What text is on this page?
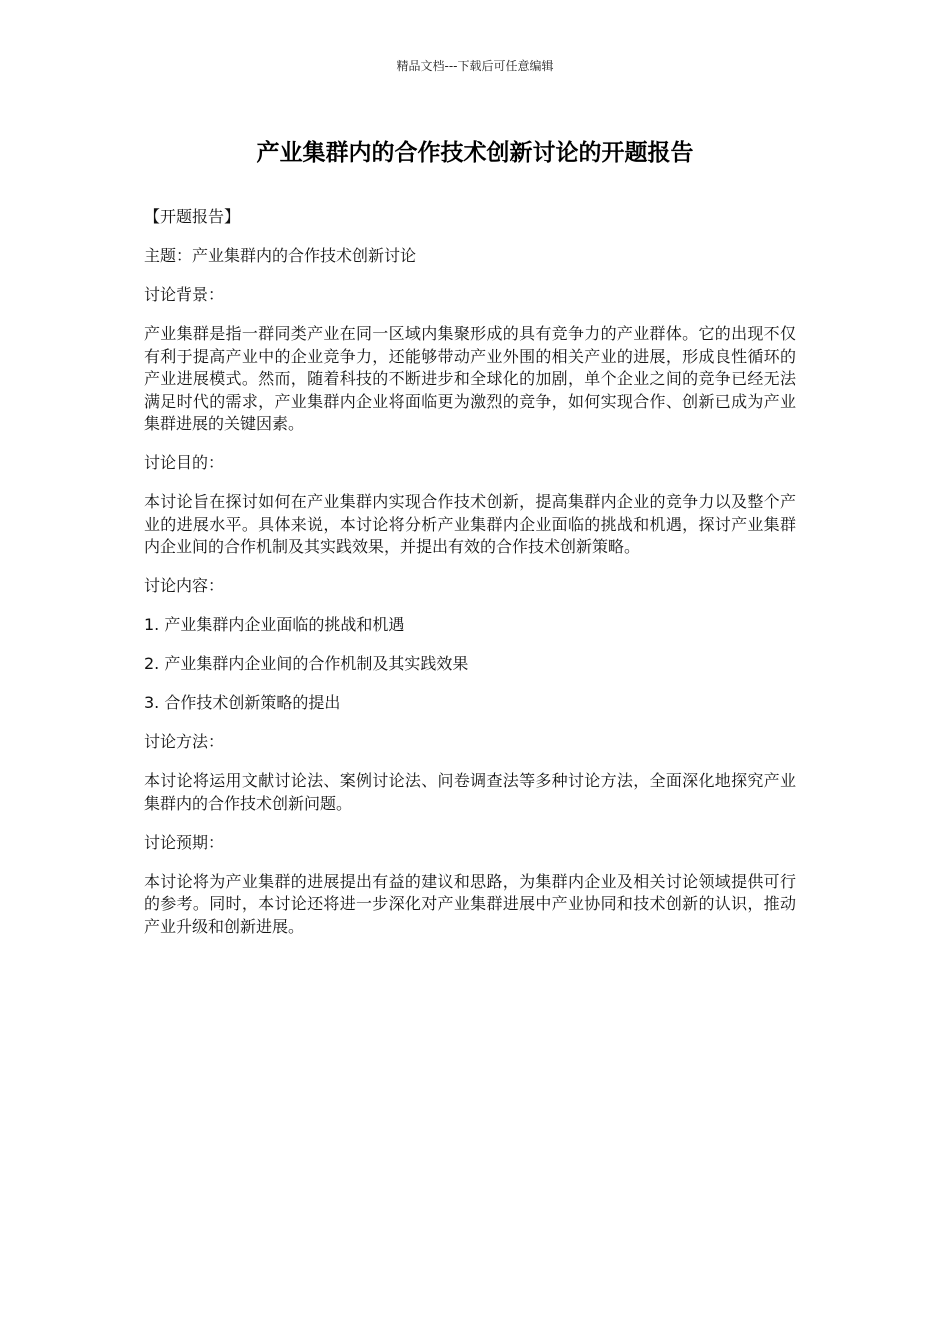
精品文档---下载后可任意编辑
产业集群内的合作技术创新讨论的开题报告

【开题报告】

主题：产业集群内的合作技术创新讨论

讨论背景：

产业集群是指一群同类产业在同一区域内集聚形成的具有竞争力的产业群体。它的出现不仅有利于提高产业中的企业竞争力，还能够带动产业外围的相关产业的进展，形成良性循环的产业进展模式。然而，随着科技的不断进步和全球化的加剧，单个企业之间的竞争已经无法满足时代的需求，产业集群内企业将面临更为激烈的竞争，如何实现合作、创新已成为产业集群进展的关键因素。

讨论目的：

本讨论旨在探讨如何在产业集群内实现合作技术创新，提高集群内企业的竞争力以及整个产业的进展水平。具体来说，本讨论将分析产业集群内企业面临的挑战和机遇，探讨产业集群内企业间的合作机制及其实践效果，并提出有效的合作技术创新策略。

讨论内容：

1. 产业集群内企业面临的挑战和机遇

2. 产业集群内企业间的合作机制及其实践效果

3. 合作技术创新策略的提出

讨论方法：

本讨论将运用文献讨论法、案例讨论法、问卷调查法等多种讨论方法，全面深化地探究产业集群内的合作技术创新问题。

讨论预期：

本讨论将为产业集群的进展提出有益的建议和思路，为集群内企业及相关讨论领域提供可行的参考。同时，本讨论还将进一步深化对产业集群进展中产业协同和技术创新的认识，推动产业升级和创新进展。
